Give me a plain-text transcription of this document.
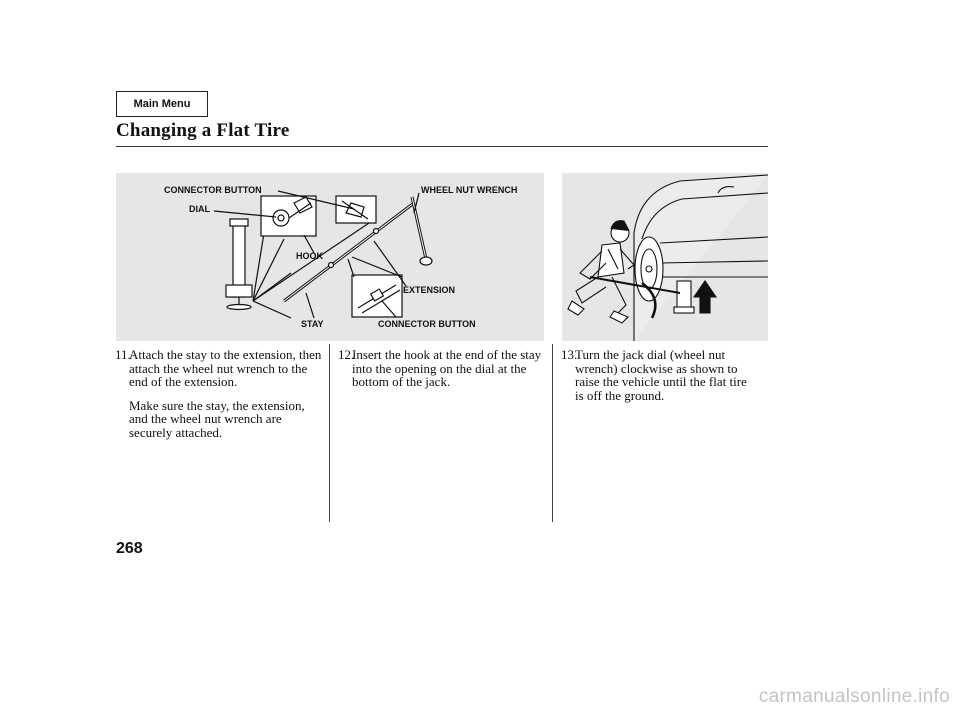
Main Menu
Changing a Flat Tire
CONNECTOR BUTTON	WHEEL NUT WRENCH
DIAL
HOOK
EXTENSION
STAY	CONNECTOR BUTTON
11.

Attach the stay to the extension, then attach the wheel nut wrench to the end of the extension.

Make sure the stay, the extension, and the wheel nut wrench are securely attached.

12.

Insert the hook at the end of the stay into the opening on the dial at the bottom of the jack.

13.

Turn the jack dial (wheel nut wrench) clockwise as shown to raise the vehicle until the flat tire is off the ground.

268
carmanualsonline.info
